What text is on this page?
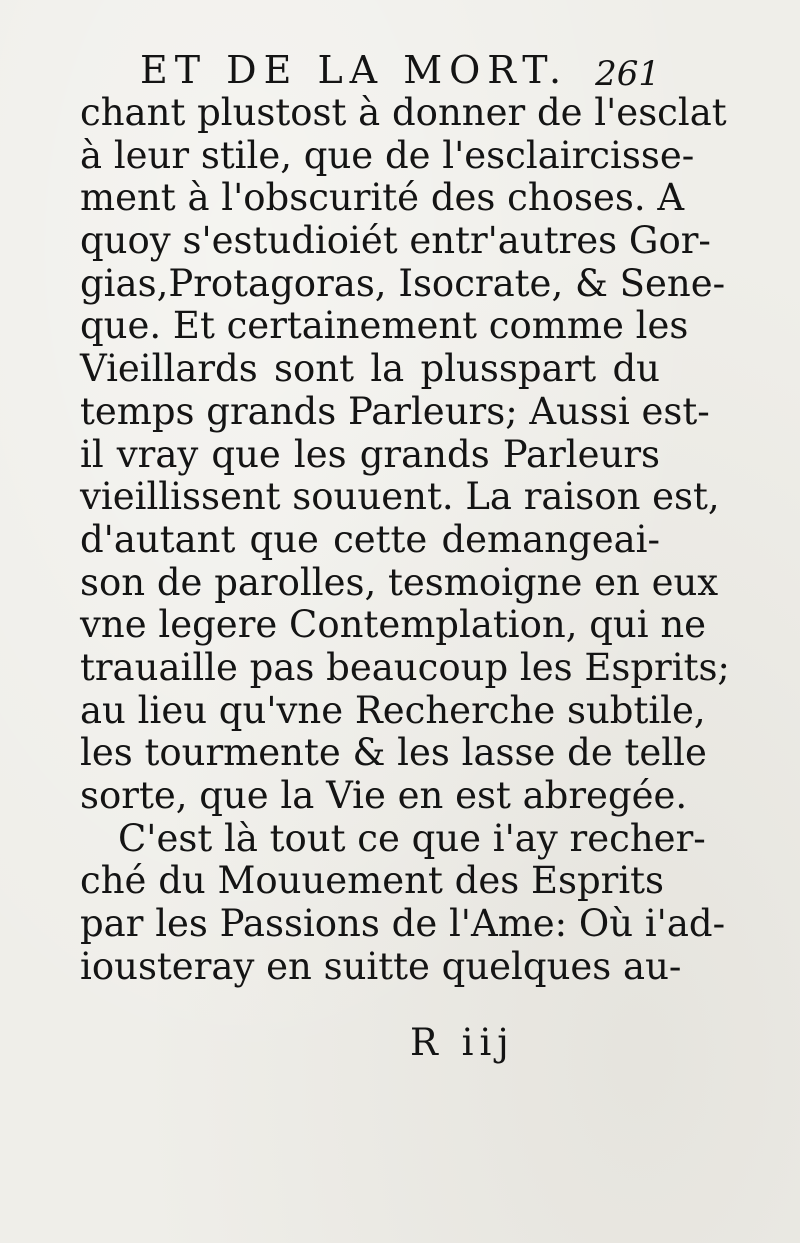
ET DE LA MORT. 261
chant plustost à donner de l'esclat
à leur stile, que de l'esclaircisse-
ment à l'obscurité des choses. A
quoy s'estudioiét entr'autres Gor-
gias,Protagoras, Isocrate, & Sene-
que. Et certainement comme les
Vieillards sont la plusspart du
temps grands Parleurs; Aussi est-
il vray que les grands Parleurs
vieillissent souuent. La raison est,
d'autant que cette demangeai-
son de parolles, tesmoigne en eux
vne legere Contemplation, qui ne
trauaille pas beaucoup les Esprits;
au lieu qu'vne Recherche subtile,
les tourmente & les lasse de telle
sorte, que la Vie en est abregée.
C'est là tout ce que i'ay recher-
ché du Mouuement des Esprits
par les Passions de l'Ame: Où i'ad-
iousteray en suitte quelques au-
R iij
